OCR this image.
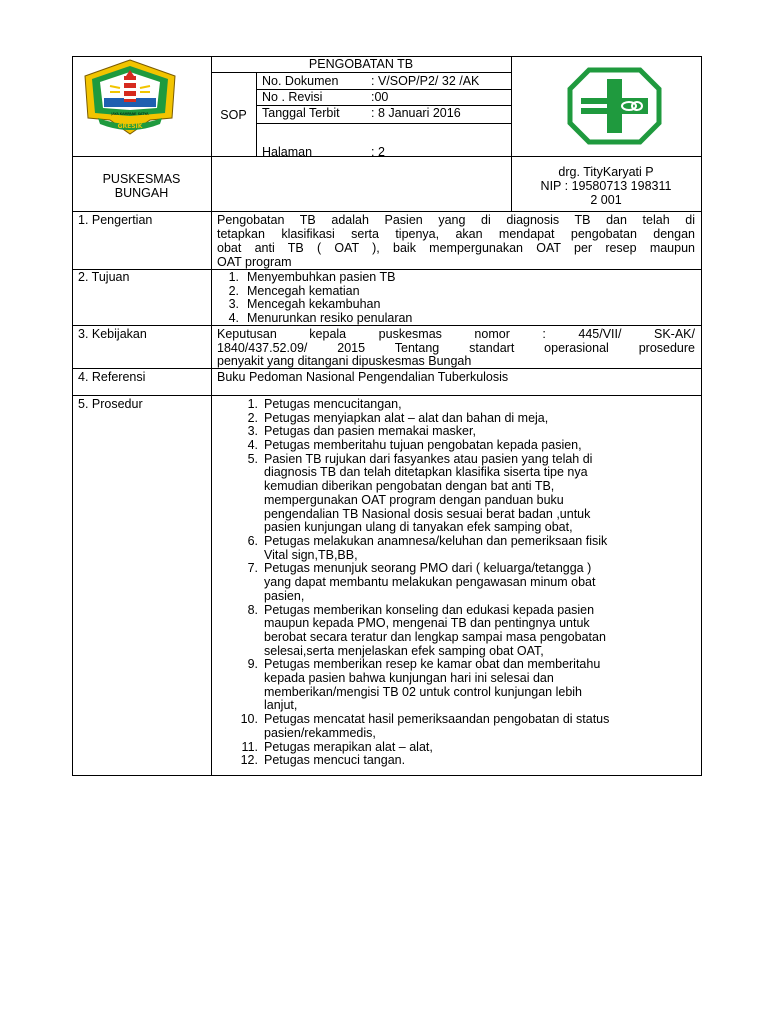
GRESIK
JAYA KAMPANE SATYA
PENGOBATAN TB
SOP
No. Dokumen	: V/SOP/P2/ 32 /AK
No . Revisi	:00
Tanggal Terbit	: 8 Januari 2016
Halaman	: 2
PUSKESMAS
BUNGAH
drg. TityKaryati P
NIP : 19580713 198311
2 001
1. Pengertian	Pengobatan TB adalah Pasien yang di diagnosis TB dan telah di
tetapkan klasifikasi serta tipenya, akan mendapat pengobatan dengan
obat anti TB ( OAT ), baik mempergunakan OAT per resep maupun
OAT program
2. Tujuan	1. Menyembuhkan pasien TB
2. Mencegah kematian
3. Mencegah kekambuhan
4. Menurunkan resiko penularan
3. Kebijakan	Keputusan kepala puskesmas nomor : 445/VII/ SK-AK/
1840/437.52.09/ 2015 Tentang standart operasional prosedure
penyakit yang ditangani dipuskesmas Bungah
4. Referensi	Buku Pedoman Nasional Pengendalian Tuberkulosis
5. Prosedur	1. Petugas mencucitangan,
2. Petugas menyiapkan alat – alat dan bahan di meja,
3. Petugas dan pasien memakai masker,
4. Petugas memberitahu tujuan pengobatan kepada pasien,
5. Pasien TB rujukan dari fasyankes atau pasien yang telah di
diagnosis TB dan telah ditetapkan klasifika siserta tipe nya
kemudian diberikan pengobatan dengan bat anti TB,
mempergunakan OAT program dengan panduan buku
pengendalian TB Nasional dosis sesuai berat badan ,untuk
pasien kunjungan ulang di tanyakan efek samping obat,
6. Petugas melakukan anamnesa/keluhan dan pemeriksaan fisik
Vital sign,TB,BB,
7. Petugas menunjuk seorang PMO dari ( keluarga/tetangga )
yang dapat membantu melakukan pengawasan minum obat
pasien,
8. Petugas memberikan konseling dan edukasi kepada pasien
maupun kepada PMO, mengenai TB dan pentingnya untuk
berobat secara teratur dan lengkap sampai masa pengobatan
selesai,serta menjelaskan efek samping obat OAT,
9. Petugas memberikan resep ke kamar obat dan memberitahu
kepada pasien bahwa kunjungan hari ini selesai dan
memberikan/mengisi TB 02 untuk control kunjungan lebih
lanjut,
10. Petugas mencatat hasil pemeriksaandan pengobatan di status
pasien/rekammedis,
11. Petugas merapikan alat – alat,
12. Petugas mencuci tangan.
